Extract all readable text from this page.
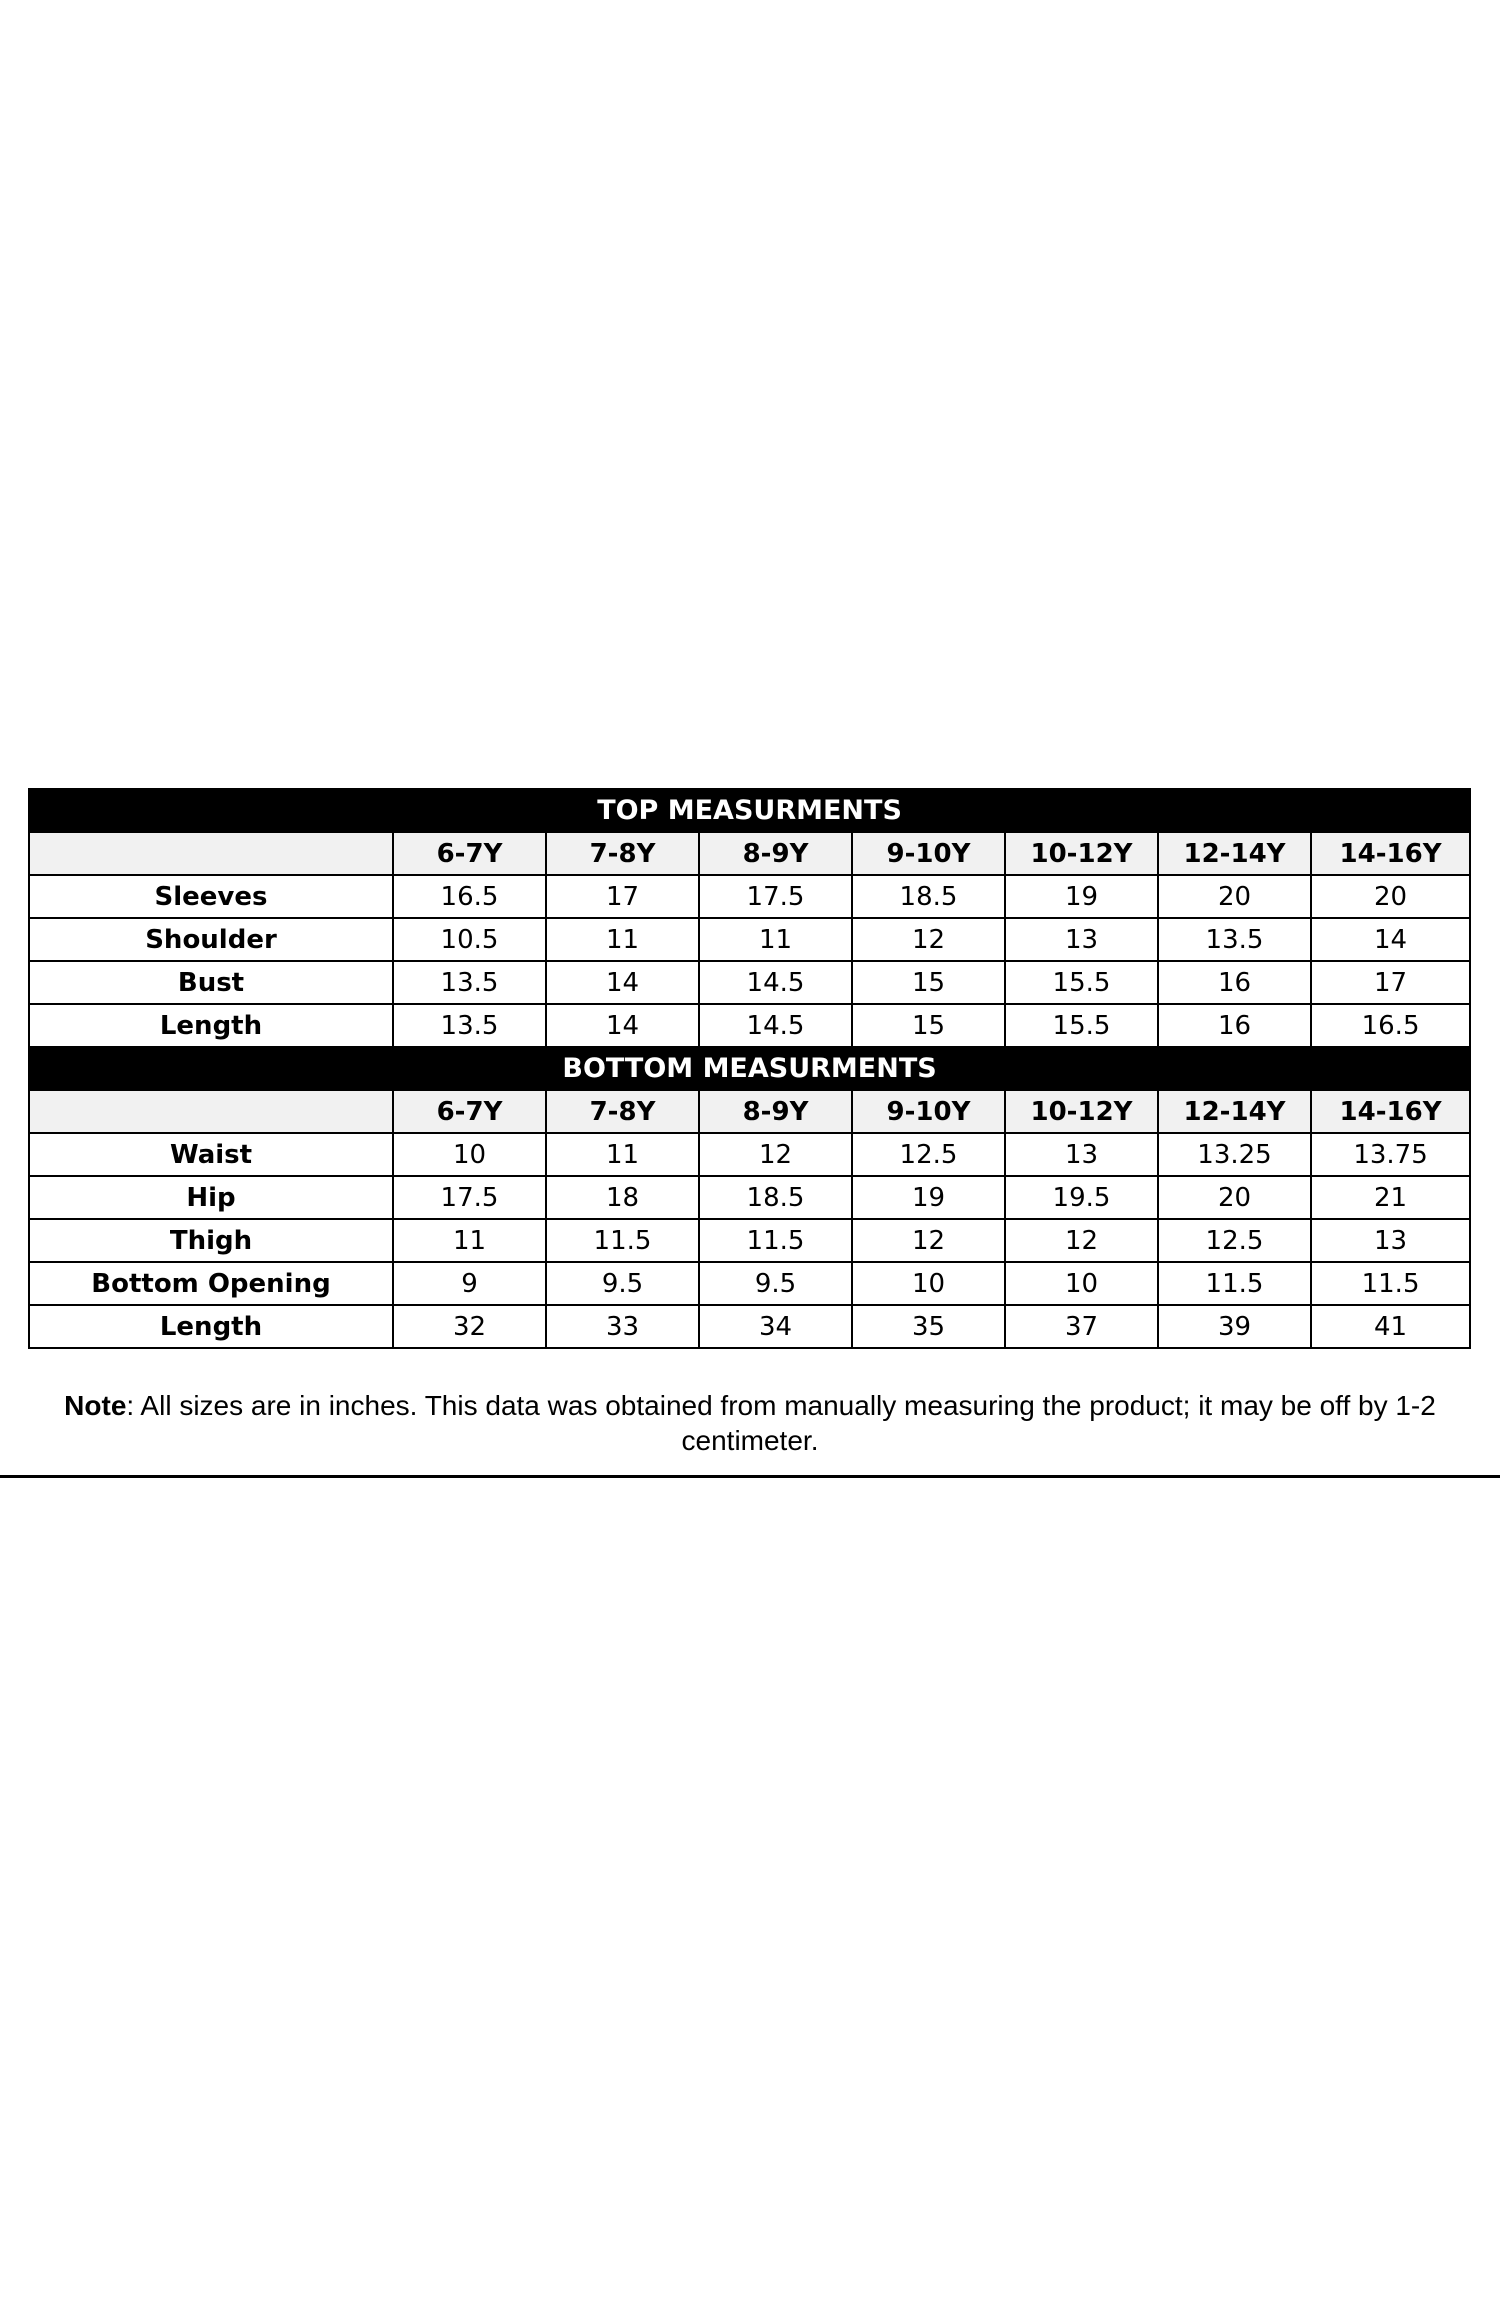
TOP MEASURMENTS							
	6-7Y	7-8Y	8-9Y	9-10Y	10-12Y	12-14Y	14-16Y
Sleeves	16.5	17	17.5	18.5	19	20	20
Shoulder	10.5	11	11	12	13	13.5	14
Bust	13.5	14	14.5	15	15.5	16	17
Length	13.5	14	14.5	15	15.5	16	16.5
BOTTOM MEASURMENTS							
	6-7Y	7-8Y	8-9Y	9-10Y	10-12Y	12-14Y	14-16Y
Waist	10	11	12	12.5	13	13.25	13.75
Hip	17.5	18	18.5	19	19.5	20	21
Thigh	11	11.5	11.5	12	12	12.5	13
Bottom Opening	9	9.5	9.5	10	10	11.5	11.5
Length	32	33	34	35	37	39	41
Note: All sizes are in inches. This data was obtained from manually measuring the product; it may be off by 1-2 centimeter.
